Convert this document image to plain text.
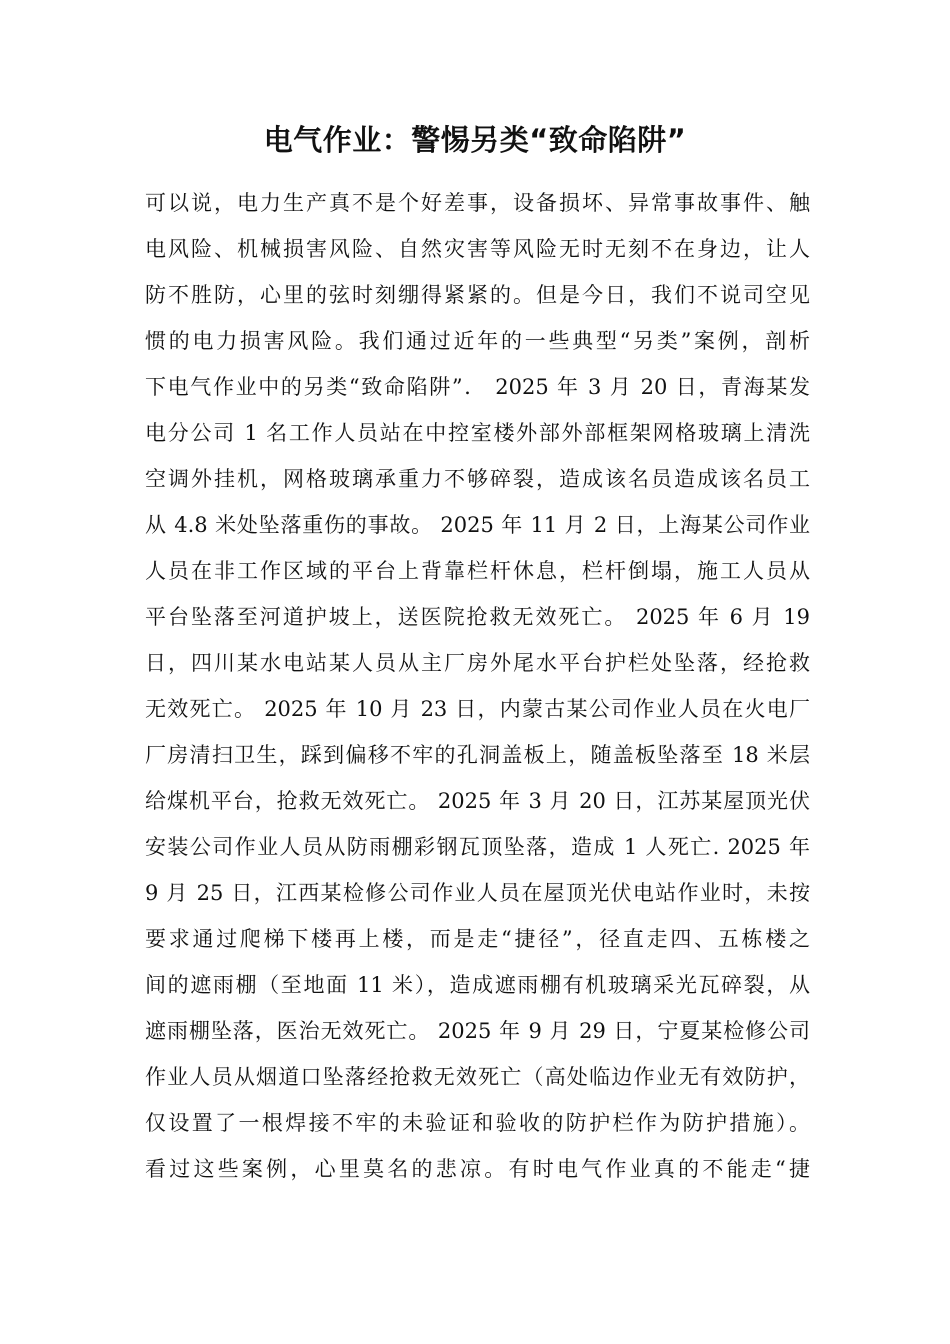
电气作业：警惕另类“致命陷阱”
可以说，电力生产真不是个好差事，设备损坏、异常事故事件、触
电风险、机械损害风险、自然灾害等风险无时无刻不在身边，让人
防不胜防，心里的弦时刻绷得紧紧的。但是今日，我们不说司空见
惯的电力损害风险。我们通过近年的一些典型“另类”案例，剖析
下电气作业中的另类“致命陷阱”． 2025 年 3 月 20 日，青海某发
电分公司 1 名工作人员站在中控室楼外部外部框架网格玻璃上清洗
空调外挂机，网格玻璃承重力不够碎裂，造成该名员造成该名员工
从 4.8 米处坠落重伤的事故。 2025 年 11 月 2 日，上海某公司作业
人员在非工作区域的平台上背靠栏杆休息，栏杆倒塌，施工人员从
平台坠落至河道护坡上，送医院抢救无效死亡。 2025 年 6 月 19
日，四川某水电站某人员从主厂房外尾水平台护栏处坠落，经抢救
无效死亡。 2025 年 10 月 23 日，内蒙古某公司作业人员在火电厂
厂房清扫卫生，踩到偏移不牢的孔洞盖板上，随盖板坠落至 18 米层
给煤机平台，抢救无效死亡。 2025 年 3 月 20 日，江苏某屋顶光伏
安装公司作业人员从防雨棚彩钢瓦顶坠落，造成 1 人死亡. 2025 年
9 月 25 日，江西某检修公司作业人员在屋顶光伏电站作业时，未按
要求通过爬梯下楼再上楼，而是走“捷径”，径直走四、五栋楼之
间的遮雨棚（至地面 11 米），造成遮雨棚有机玻璃采光瓦碎裂，从
遮雨棚坠落，医治无效死亡。 2025 年 9 月 29 日，宁夏某检修公司
作业人员从烟道口坠落经抢救无效死亡（高处临边作业无有效防护，
仅设置了一根焊接不牢的未验证和验收的防护栏作为防护措施）。
看过这些案例，心里莫名的悲凉。有时电气作业真的不能走“捷
